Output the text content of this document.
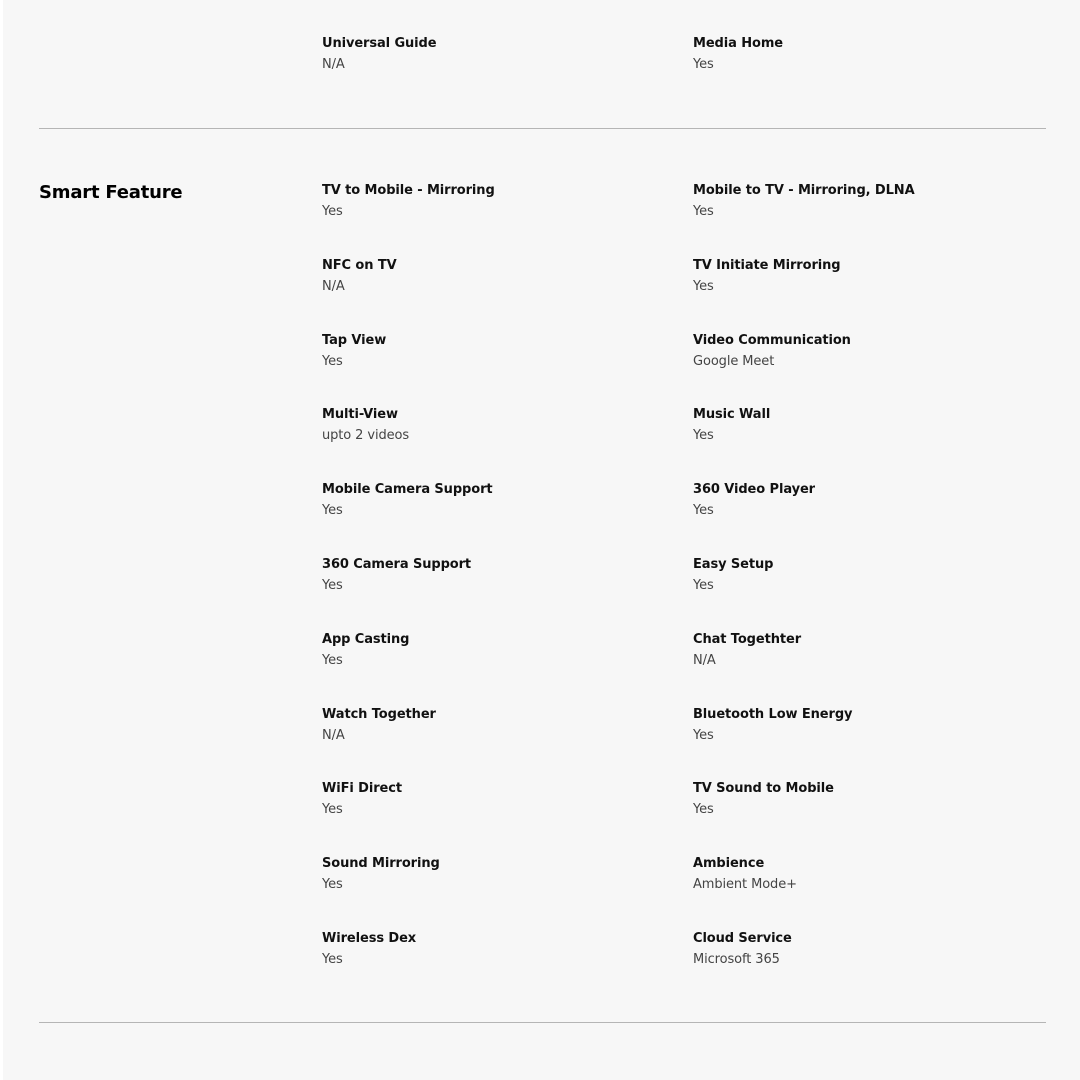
Universal Guide
N/A
Media Home
Yes
Smart Feature	TV to Mobile - Mirroring
Yes
Mobile to TV - Mirroring, DLNA
Yes
NFC on TV
N/A
TV Initiate Mirroring
Yes
Tap View
Yes
Video Communication
Google Meet
Multi-View
upto 2 videos
Music Wall
Yes
Mobile Camera Support
Yes
360 Video Player
Yes
360 Camera Support
Yes
Easy Setup
Yes
App Casting
Yes
Chat Togethter
N/A
Watch Together
N/A
Bluetooth Low Energy
Yes
WiFi Direct
Yes
TV Sound to Mobile
Yes
Sound Mirroring
Yes
Ambience
Ambient Mode+
Wireless Dex
Yes
Cloud Service
Microsoft 365
